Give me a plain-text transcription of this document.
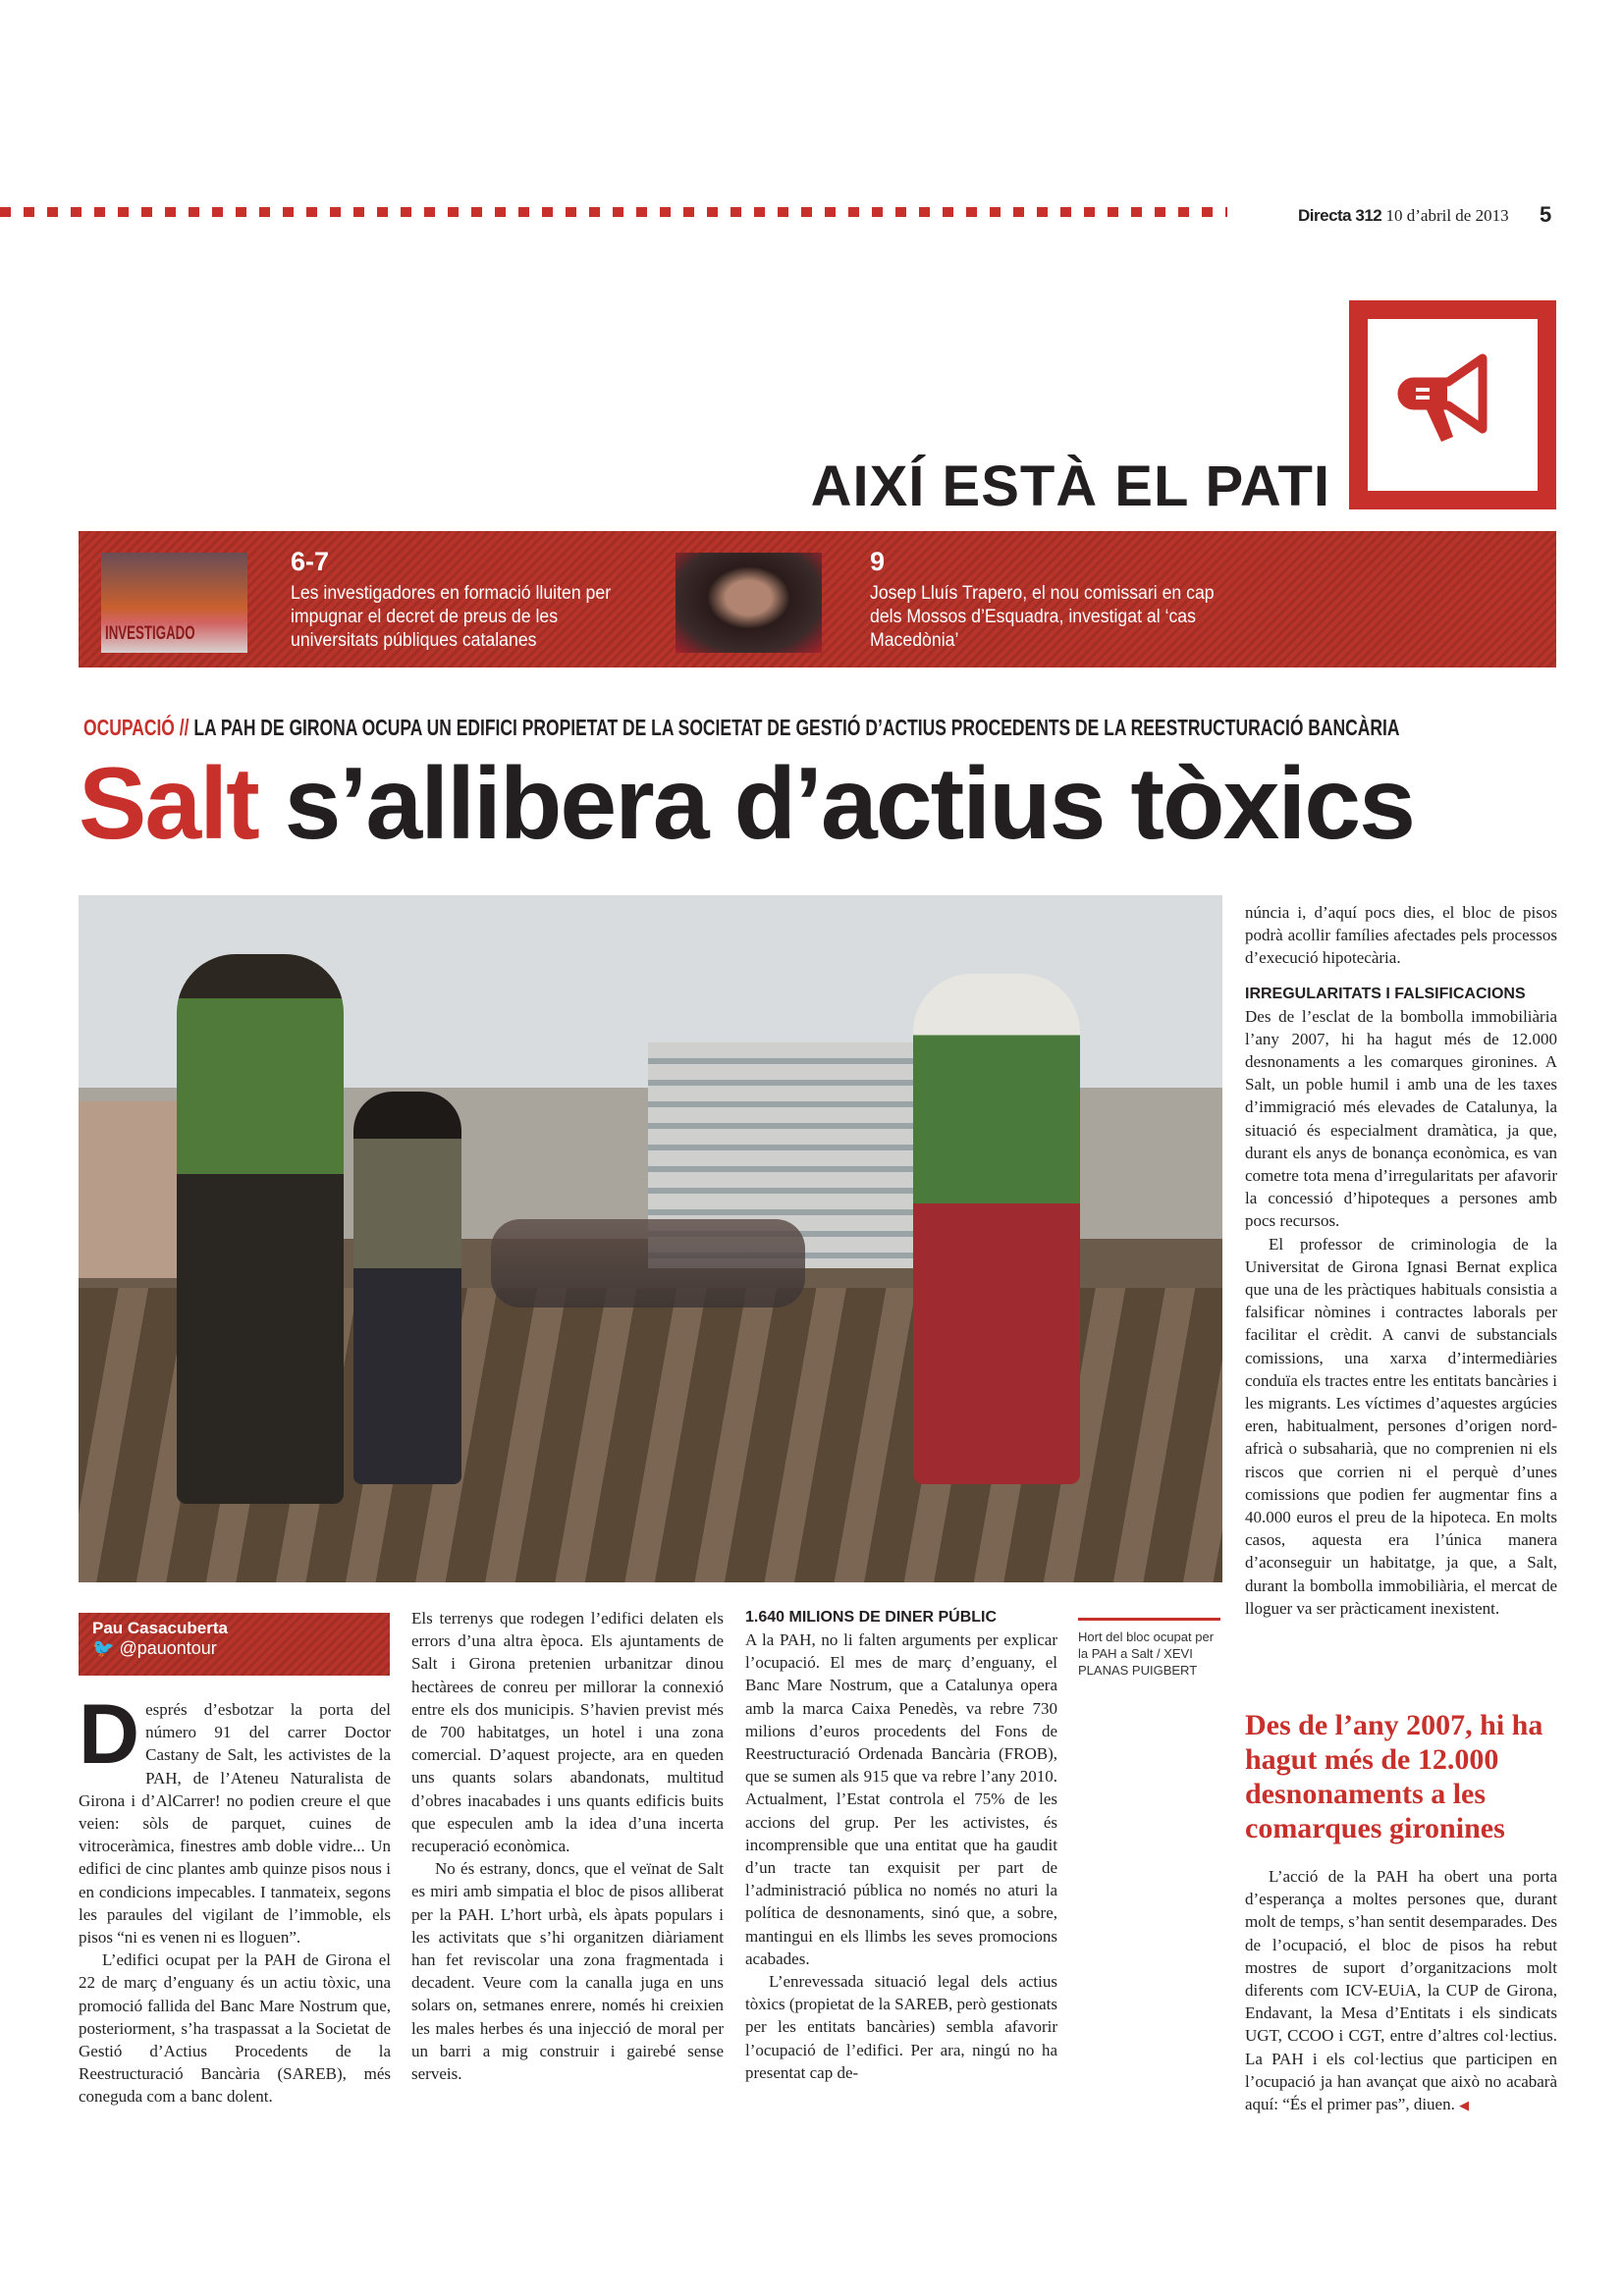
Directa 312 10 d’abril de 2013 5
AIXÍ ESTÀ EL PATI
INVESTIGADO
6-7
Les investigadores en formació lluiten per impugnar el decret de preus de les universitats públiques catalanes
9
Josep Lluís Trapero, el nou comissari en cap dels Mossos d’Esquadra, investigat al ‘cas Macedònia’
OCUPACIÓ // LA PAH DE GIRONA OCUPA UN EDIFICI PROPIETAT DE LA SOCIETAT DE GESTIÓ D’ACTIUS PROCEDENTS DE LA REESTRUCTURACIÓ BANCÀRIA
Salt s’allibera d’actius tòxics
Pau Casacuberta
🐦 @pauontour

Després d’esbotzar la porta del número 91 del carrer Doctor Castany de Salt, les activistes de la PAH, de l’Ateneu Naturalista de Girona i d’AlCarrer! no podien creure el que veien: sòls de parquet, cuines de vitroceràmica, finestres amb doble vidre... Un edifici de cinc plantes amb quinze pisos nous i en condicions impecables. I tanmateix, segons les paraules del vigilant de l’immoble, els pisos “ni es venen ni es lloguen”.

L’edifici ocupat per la PAH de Girona el 22 de març d’enguany és un actiu tòxic, una promoció fallida del Banc Mare Nostrum que, posteriorment, s’ha traspassat a la Societat de Gestió d’Actius Procedents de la Reestructuració Bancària (SAREB), més coneguda com a banc dolent.

Els terrenys que rodegen l’edifici delaten els errors d’una altra època. Els ajuntaments de Salt i Girona pretenien urbanitzar dinou hectàrees de conreu per millorar la connexió entre els dos municipis. S’havien previst més de 700 habitatges, un hotel i una zona comercial. D’aquest projecte, ara en queden uns quants solars abandonats, multitud d’obres inacabades i uns quants edificis buits que especulen amb la idea d’una incerta recuperació econòmica.

No és estrany, doncs, que el veïnat de Salt es miri amb simpatia el bloc de pisos alliberat per la PAH. L’hort urbà, els àpats populars i les activitats que s’hi organitzen diàriament han fet reviscolar una zona fragmentada i decadent. Veure com la canalla juga en uns solars on, setmanes enrere, només hi creixien les males herbes és una injecció de moral per un barri a mig construir i gairebé sense serveis.

1.640 MILIONS DE DINER PÚBLIC

A la PAH, no li falten arguments per explicar l’ocupació. El mes de març d’enguany, el Banc Mare Nostrum, que a Catalunya opera amb la marca Caixa Penedès, va rebre 730 milions d’euros procedents del Fons de Reestructuració Ordenada Bancària (FROB), que se sumen als 915 que va rebre l’any 2010. Actualment, l’Estat controla el 75% de les accions del grup. Per les activistes, és incomprensible que una entitat que ha gaudit d’un tracte tan exquisit per part de l’administració pública no només no aturi la política de desnonaments, sinó que, a sobre, mantingui en els llimbs les seves promocions acabades.

L’enrevessada situació legal dels actius tòxics (propietat de la SAREB, però gestionats per les entitats bancàries) sembla afavorir l’ocupació de l’edifici. Per ara, ningú no ha presentat cap de-

Hort del bloc ocupat per la PAH a Salt / XEVI PLANAS PUIGBERT

núncia i, d’aquí pocs dies, el bloc de pisos podrà acollir famílies afectades pels processos d’execució hipotecària.

IRREGULARITATS I FALSIFICACIONS

Des de l’esclat de la bombolla immobiliària l’any 2007, hi ha hagut més de 12.000 desnonaments a les comarques gironines. A Salt, un poble humil i amb una de les taxes d’immigració més elevades de Catalunya, la situació és especialment dramàtica, ja que, durant els anys de bonança econòmica, es van cometre tota mena d’irregularitats per afavorir la concessió d’hipoteques a persones amb pocs recursos.

El professor de criminologia de la Universitat de Girona Ignasi Bernat explica que una de les pràctiques habituals consistia a falsificar nòmines i contractes laborals per facilitar el crèdit. A canvi de substancials comissions, una xarxa d’intermediàries conduïa els tractes entre les entitats bancàries i les migrants. Les víctimes d’aquestes argúcies eren, habitualment, persones d’origen nord-africà o subsaharià, que no comprenien ni els riscos que corrien ni el perquè d’unes comissions que podien fer augmentar fins a 40.000 euros el preu de la hipoteca. En molts casos, aquesta era l’única manera d’aconseguir un habitatge, ja que, a Salt, durant la bombolla immobiliària, el mercat de lloguer va ser pràcticament inexistent.

Des de l’any 2007, hi ha hagut més de 12.000 desnonaments a les comarques gironines

L’acció de la PAH ha obert una porta d’esperança a moltes persones que, durant molt de temps, s’han sentit desemparades. Des de l’ocupació, el bloc de pisos ha rebut mostres de suport d’organitzacions molt diferents com ICV-EUiA, la CUP de Girona, Endavant, la Mesa d’Entitats i els sindicats UGT, CCOO i CGT, entre d’altres col·lectius. La PAH i els col·lectius que participen en l’ocupació ja han avançat que això no acabarà aquí: “És el primer pas”, diuen. ◀
